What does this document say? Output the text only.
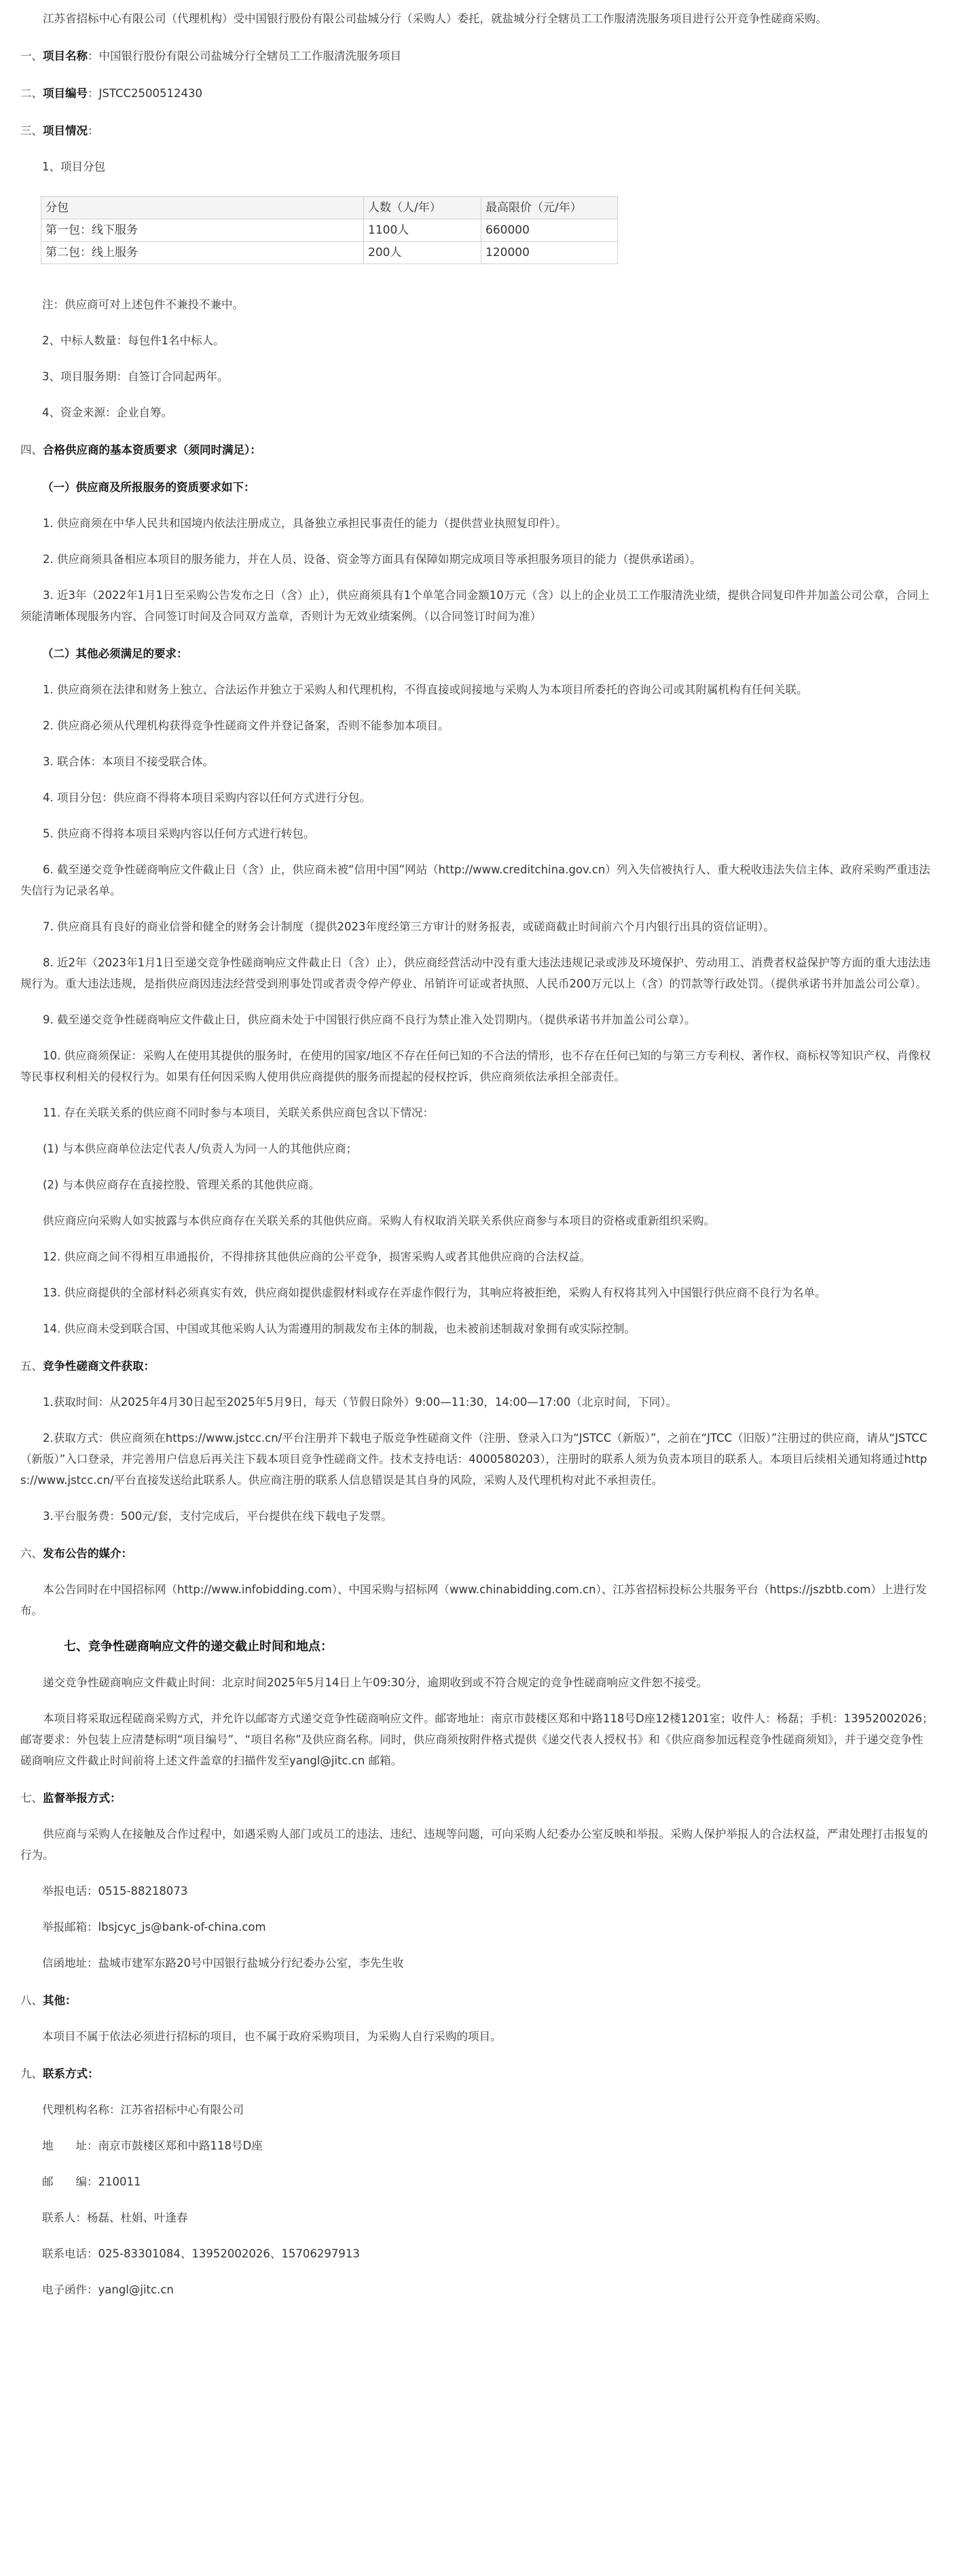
江苏省招标中心有限公司（代理机构）受中国银行股份有限公司盐城分行（采购人）委托，就盐城分行全辖员工工作服清洗服务项目进行公开竞争性磋商采购。

一、项目名称：中国银行股份有限公司盐城分行全辖员工工作服清洗服务项目

二、项目编号：JSTCC2500512430

三、项目情况：

1、项目分包

分包	人数（人/年）	最高限价（元/年）
第一包：线下服务	1100人	660000
第二包：线上服务	200人	120000

注：供应商可对上述包件不兼投不兼中。

2、中标人数量：每包件1名中标人。

3、项目服务期：自签订合同起两年。

4、资金来源：企业自筹。

四、合格供应商的基本资质要求（须同时满足）：

（一）供应商及所报服务的资质要求如下：

1. 供应商须在中华人民共和国境内依法注册成立，具备独立承担民事责任的能力（提供营业执照复印件）。

2. 供应商须具备相应本项目的服务能力，并在人员、设备、资金等方面具有保障如期完成项目等承担服务项目的能力（提供承诺函）。

3. 近3年（2022年1月1日至采购公告发布之日（含）止），供应商须具有1个单笔合同金额10万元（含）以上的企业员工工作服清洗业绩，提供合同复印件并加盖公司公章，合同上须能清晰体现服务内容、合同签订时间及合同双方盖章，否则计为无效业绩案例。（以合同签订时间为准）

（二）其他必须满足的要求：

1. 供应商须在法律和财务上独立、合法运作并独立于采购人和代理机构，不得直接或间接地与采购人为本项目所委托的咨询公司或其附属机构有任何关联。

2. 供应商必须从代理机构获得竞争性磋商文件并登记备案，否则不能参加本项目。

3. 联合体：本项目不接受联合体。

4. 项目分包：供应商不得将本项目采购内容以任何方式进行分包。

5. 供应商不得将本项目采购内容以任何方式进行转包。

6. 截至递交竞争性磋商响应文件截止日（含）止，供应商未被“信用中国”网站（http://www.creditchina.gov.cn）列入失信被执行人、重大税收违法失信主体、政府采购严重违法失信行为记录名单。

7. 供应商具有良好的商业信誉和健全的财务会计制度（提供2023年度经第三方审计的财务报表，或磋商截止时间前六个月内银行出具的资信证明）。

8. 近2年（2023年1月1日至递交竞争性磋商响应文件截止日（含）止），供应商经营活动中没有重大违法违规记录或涉及环境保护、劳动用工、消费者权益保护等方面的重大违法违规行为。重大违法违规，是指供应商因违法经营受到刑事处罚或者责令停产停业、吊销许可证或者执照、人民币200万元以上（含）的罚款等行政处罚。（提供承诺书并加盖公司公章）。

9. 截至递交竞争性磋商响应文件截止日，供应商未处于中国银行供应商不良行为禁止准入处罚期内。（提供承诺书并加盖公司公章）。

10. 供应商须保证：采购人在使用其提供的服务时，在使用的国家/地区不存在任何已知的不合法的情形，也不存在任何已知的与第三方专利权、著作权、商标权等知识产权、肖像权等民事权利相关的侵权行为。如果有任何因采购人使用供应商提供的服务而提起的侵权控诉，供应商须依法承担全部责任。

11. 存在关联关系的供应商不同时参与本项目，关联关系供应商包含以下情况：

(1) 与本供应商单位法定代表人/负责人为同一人的其他供应商；

(2) 与本供应商存在直接控股、管理关系的其他供应商。

供应商应向采购人如实披露与本供应商存在关联关系的其他供应商。采购人有权取消关联关系供应商参与本项目的资格或重新组织采购。

12. 供应商之间不得相互串通报价，不得排挤其他供应商的公平竞争，损害采购人或者其他供应商的合法权益。

13. 供应商提供的全部材料必须真实有效，供应商如提供虚假材料或存在弄虚作假行为，其响应将被拒绝，采购人有权将其列入中国银行供应商不良行为名单。

14. 供应商未受到联合国、中国或其他采购人认为需遵用的制裁发布主体的制裁，也未被前述制裁对象拥有或实际控制。

五、竞争性磋商文件获取：

1.获取时间：从2025年4月30日起至2025年5月9日，每天（节假日除外）9:00—11:30，14:00—17:00（北京时间，下同）。

2.获取方式：供应商须在https://www.jstcc.cn/平台注册并下载电子版竞争性磋商文件（注册、登录入口为“JSTCC（新版）”，之前在“JTCC（旧版）”注册过的供应商，请从“JSTCC（新版）”入口登录，并完善用户信息后再关注下载本项目竞争性磋商文件。技术支持电话：4000580203），注册时的联系人须为负责本项目的联系人。本项目后续相关通知将通过https://www.jstcc.cn/平台直接发送给此联系人。供应商注册的联系人信息错误是其自身的风险，采购人及代理机构对此不承担责任。

3.平台服务费：500元/套，支付完成后，平台提供在线下载电子发票。

六、发布公告的媒介：

本公告同时在中国招标网（http://www.infobidding.com）、中国采购与招标网（www.chinabidding.com.cn）、江苏省招标投标公共服务平台（https://jszbtb.com）上进行发布。

七、竞争性磋商响应文件的递交截止时间和地点：

递交竞争性磋商响应文件截止时间：北京时间2025年5月14日上午09:30分，逾期收到或不符合规定的竞争性磋商响应文件恕不接受。

本项目将采取远程磋商采购方式，并允许以邮寄方式递交竞争性磋商响应文件。邮寄地址：南京市鼓楼区郑和中路118号D座12楼1201室；收件人：杨磊；手机：13952002026；邮寄要求：外包装上应清楚标明“项目编号”、“项目名称”及供应商名称。同时，供应商须按附件格式提供《递交代表人授权书》和《供应商参加远程竞争性磋商须知》，并于递交竞争性磋商响应文件截止时间前将上述文件盖章的扫描件发至yangl@jitc.cn 邮箱。

七、监督举报方式：

供应商与采购人在接触及合作过程中，如遇采购人部门或员工的违法、违纪、违规等问题，可向采购人纪委办公室反映和举报。采购人保护举报人的合法权益，严肃处理打击报复的行为。

举报电话：0515-88218073

举报邮箱：lbsjcyc_js@bank-of-china.com

信函地址：盐城市建军东路20号中国银行盐城分行纪委办公室，李先生收

八、其他：

本项目不属于依法必须进行招标的项目，也不属于政府采购项目，为采购人自行采购的项目。

九、联系方式：

代理机构名称：江苏省招标中心有限公司

地　　址：南京市鼓楼区郑和中路118号D座

邮　　编：210011

联系人：杨磊、杜娟、叶逢春

联系电话：025-83301084、13952002026、15706297913

电子函件：yangl@jitc.cn
